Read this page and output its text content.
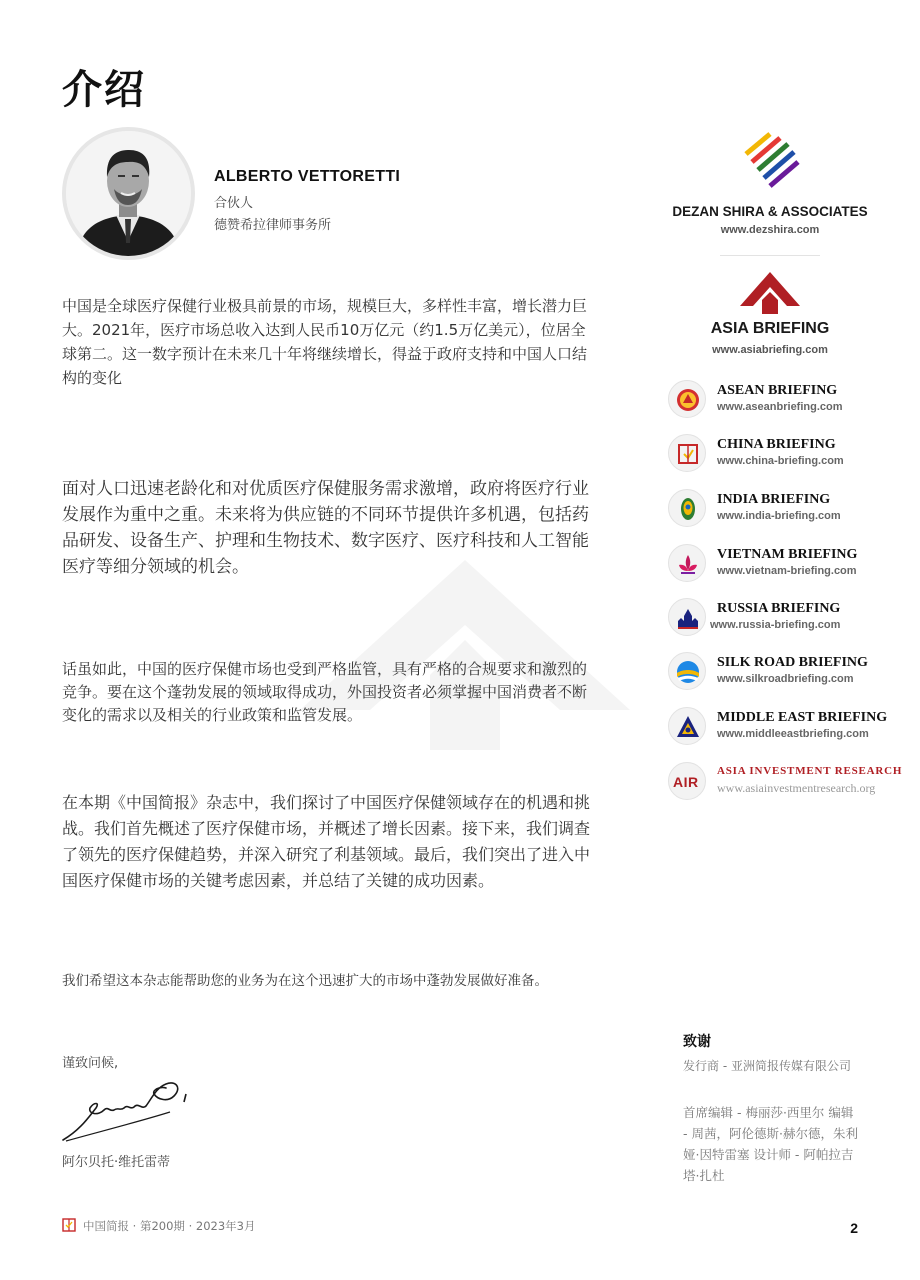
介绍
ALBERTO VETTORETTI
合伙人
德赞希拉律师事务所
中国是全球医疗保健行业极具前景的市场，规模巨大，多样性丰富，增长潜力巨大。2021年，医疗市场总收入达到人民币10万亿元（约1.5万亿美元），位居全球第二。这一数字预计在未来几十年将继续增长，得益于政府支持和中国人口结构的变化
面对人口迅速老龄化和对优质医疗保健服务需求激增，政府将医疗行业发展作为重中之重。未来将为供应链的不同环节提供许多机遇，包括药品研发、设备生产、护理和生物技术、数字医疗、医疗科技和人工智能医疗等细分领域的机会。
话虽如此，中国的医疗保健市场也受到严格监管，具有严格的合规要求和激烈的竞争。要在这个蓬勃发展的领域取得成功，外国投资者必须掌握中国消费者不断变化的需求以及相关的行业政策和监管发展。
在本期《中国简报》杂志中，我们探讨了中国医疗保健领域存在的机遇和挑战。我们首先概述了医疗保健市场，并概述了增长因素。接下来，我们调查了领先的医疗保健趋势，并深入研究了利基领域。最后，我们突出了进入中国医疗保健市场的关键考虑因素，并总结了关键的成功因素。
我们希望这本杂志能帮助您的业务为在这个迅速扩大的市场中蓬勃发展做好准备。
谨致问候,
阿尔贝托·维托雷蒂
DEZAN SHIRA & ASSOCIATES
www.dezshira.com
ASIA BRIEFING
www.asiabriefing.com
ASEAN BRIEFING
www.aseanbriefing.com
CHINA BRIEFING
www.china-briefing.com
INDIA BRIEFING
www.india-briefing.com
VIETNAM BRIEFING
www.vietnam-briefing.com
RUSSIA BRIEFING
www.russia-briefing.com
SILK ROAD BRIEFING
www.silkroadbriefing.com
MIDDLE EAST BRIEFING
www.middleeastbriefing.com
AIR
ASIA INVESTMENT RESEARCH
www.asiainvestmentresearch.org
致谢
发行商 - 亚洲简报传媒有限公司
首席编辑 - 梅丽莎·西里尔 编辑 - 周茜，阿伦德斯·赫尔德，朱利娅·因特雷塞 设计师 - 阿帕拉吉塔·扎杜
中国简报 · 第200期 · 2023年3月	2
